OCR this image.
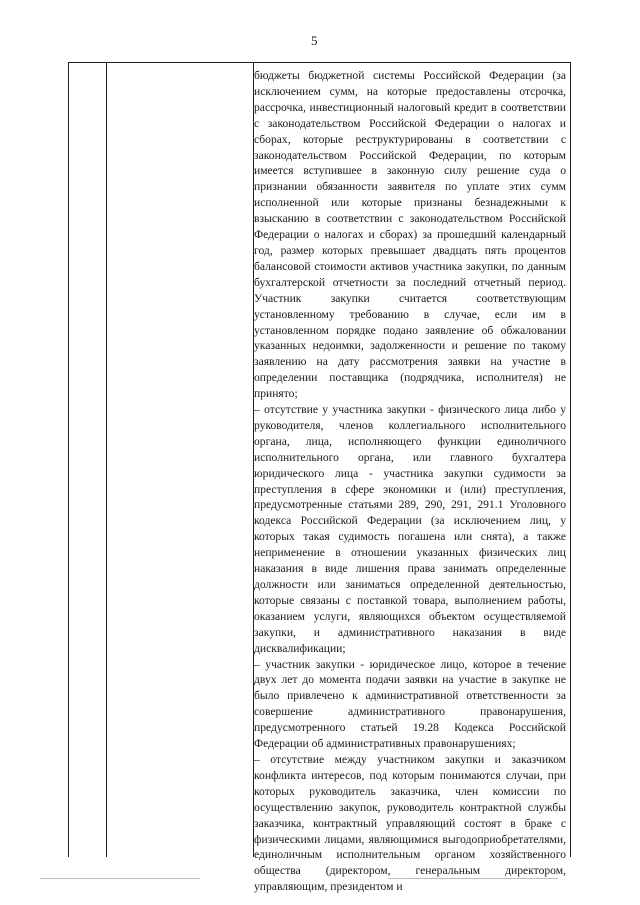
5

бюджеты бюджетной системы Российской Федерации (за исключением сумм, на которые предоставлены отсрочка, рассрочка, инвестиционный налоговый кредит в соответствии с законодательством Российской Федерации о налогах и сборах, которые реструктурированы в соответствии с законодательством Российской Федерации, по которым имеется вступившее в законную силу решение суда о признании обязанности заявителя по уплате этих сумм исполненной или которые признаны безнадежными к взысканию в соответствии с законодательством Российской Федерации о налогах и сборах) за прошедший календарный год, размер которых превышает двадцать пять процентов балансовой стоимости активов участника закупки, по данным бухгалтерской отчетности за последний отчетный период. Участник закупки считается соответствующим установленному требованию в случае, если им в установленном порядке подано заявление об обжаловании указанных недоимки, задолженности и решение по такому заявлению на дату рассмотрения заявки на участие в определении поставщика (подрядчика, исполнителя) не принято;

– отсутствие у участника закупки - физического лица либо у руководителя, членов коллегиального исполнительного органа, лица, исполняющего функции единоличного исполнительного органа, или главного бухгалтера юридического лица - участника закупки судимости за преступления в сфере экономики и (или) преступления, предусмотренные статьями 289, 290, 291, 291.1 Уголовного кодекса Российской Федерации (за исключением лиц, у которых такая судимость погашена или снята), а также неприменение в отношении указанных физических лиц наказания в виде лишения права занимать определенные должности или заниматься определенной деятельностью, которые связаны с поставкой товара, выполнением работы, оказанием услуги, являющихся объектом осуществляемой закупки, и административного наказания в виде дисквалификации;

– участник закупки - юридическое лицо, которое в течение двух лет до момента подачи заявки на участие в закупке не было привлечено к административной ответственности за совершение административного правонарушения, предусмотренного статьей 19.28 Кодекса Российской Федерации об административных правонарушениях;

– отсутствие между участником закупки и заказчиком конфликта интересов, под которым понимаются случаи, при которых руководитель заказчика, член комиссии по осуществлению закупок, руководитель контрактной службы заказчика, контрактный управляющий состоят в браке с физическими лицами, являющимися выгодоприобретателями, единоличным исполнительным органом хозяйственного общества (директором, генеральным директором, управляющим, президентом и
